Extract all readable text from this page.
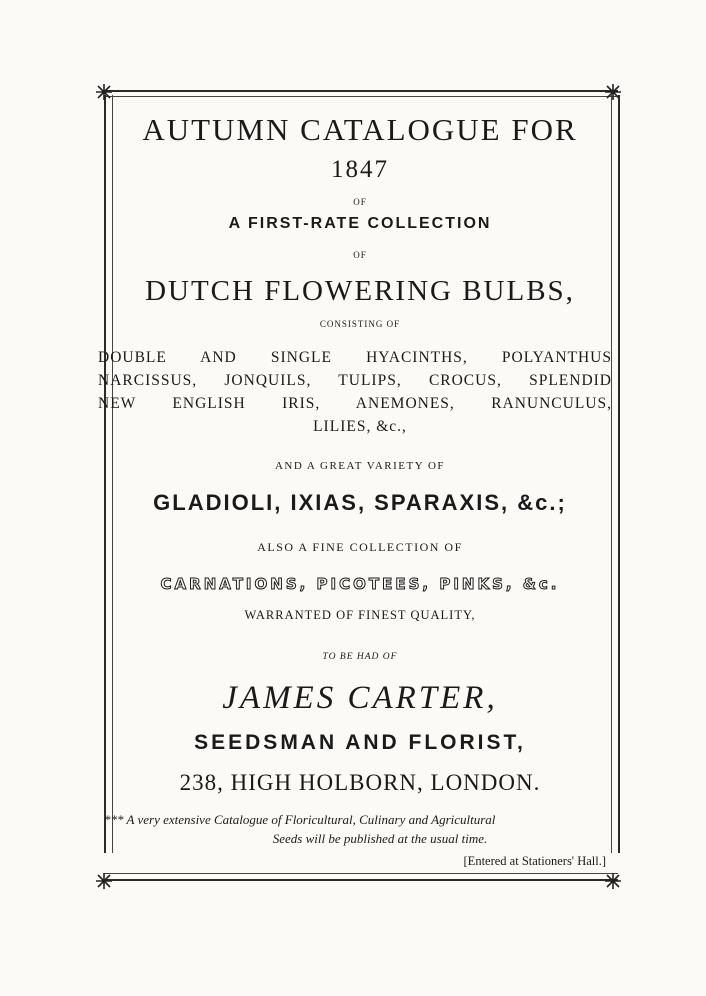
AUTUMN CATALOGUE FOR
1847
OF
A FIRST-RATE COLLECTION
OF
DUTCH FLOWERING BULBS,
CONSISTING OF
DOUBLE AND SINGLE HYACINTHS, POLYANTHUS
NARCISSUS, JONQUILS, TULIPS, CROCUS, SPLENDID
NEW ENGLISH IRIS, ANEMONES, RANUNCULUS,
LILIES, &c.,
AND A GREAT VARIETY OF
GLADIOLI, IXIAS, SPARAXIS, &c.;
ALSO A FINE COLLECTION OF
CARNATIONS, PICOTEES, PINKS, &c.
WARRANTED OF FINEST QUALITY,
TO BE HAD OF
JAMES CARTER,
SEEDSMAN AND FLORIST,
238, HIGH HOLBORN, LONDON.
*** A very extensive Catalogue of Floricultural, Culinary and Agricultural
Seeds will be published at the usual time.
[Entered at Stationers' Hall.]
